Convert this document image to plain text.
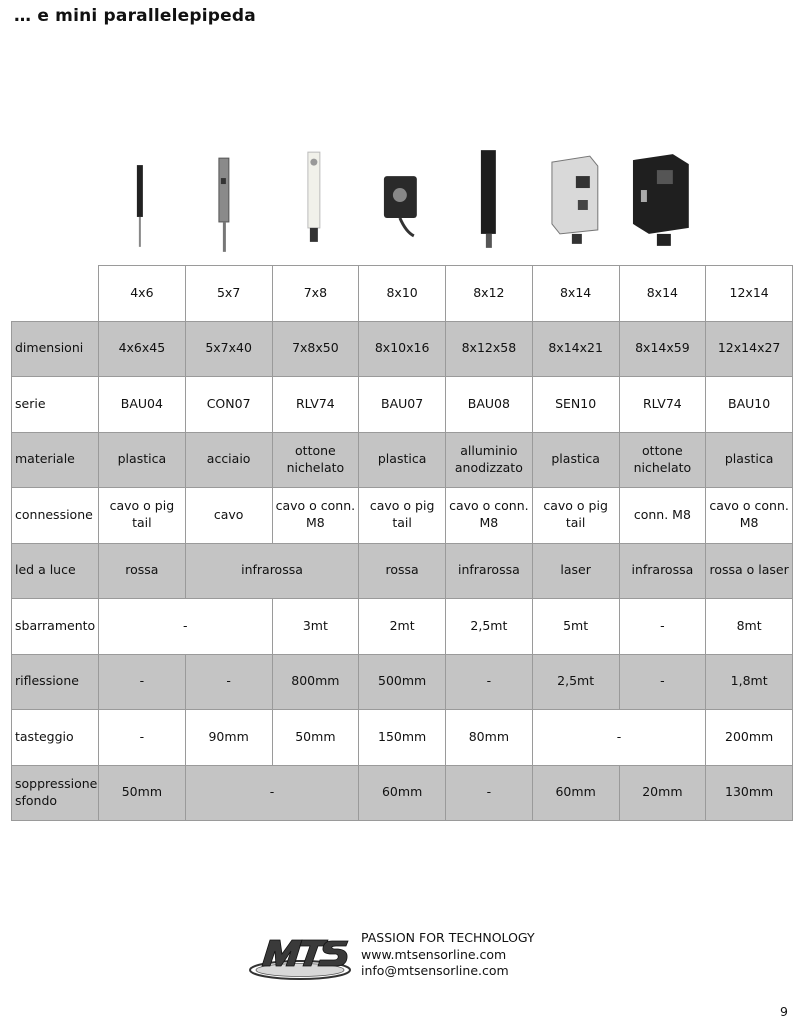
… e mini parallelepipeda
	4x6	5x7	7x8	8x10	8x12	8x14	8x14	12x14
dimensioni	4x6x45	5x7x40	7x8x50	8x10x16	8x12x58	8x14x21	8x14x59	12x14x27
serie	BAU04	CON07	RLV74	BAU07	BAU08	SEN10	RLV74	BAU10
materiale	plastica	acciaio	ottone nichelato	plastica	alluminio anodizzato	plastica	ottone nichelato	plastica
connessione	cavo o pig tail	cavo	cavo o conn. M8	cavo o pig tail	cavo o conn. M8	cavo o pig tail	conn. M8	cavo o conn. M8
led a luce	rossa	infrarossa		rossa	infrarossa	laser	infrarossa	rossa o laser
sbarramento	-		3mt	2mt	2,5mt	5mt	-	8mt
riflessione	-	-	800mm	500mm	-	2,5mt	-	1,8mt
tasteggio	-	90mm	50mm	150mm	80mm	-		200mm
soppressione sfondo	50mm	-		60mm	-	60mm	20mm	130mm
PASSION FOR TECHNOLOGY
www.mtsensorline.com
info@mtsensorline.com
9
